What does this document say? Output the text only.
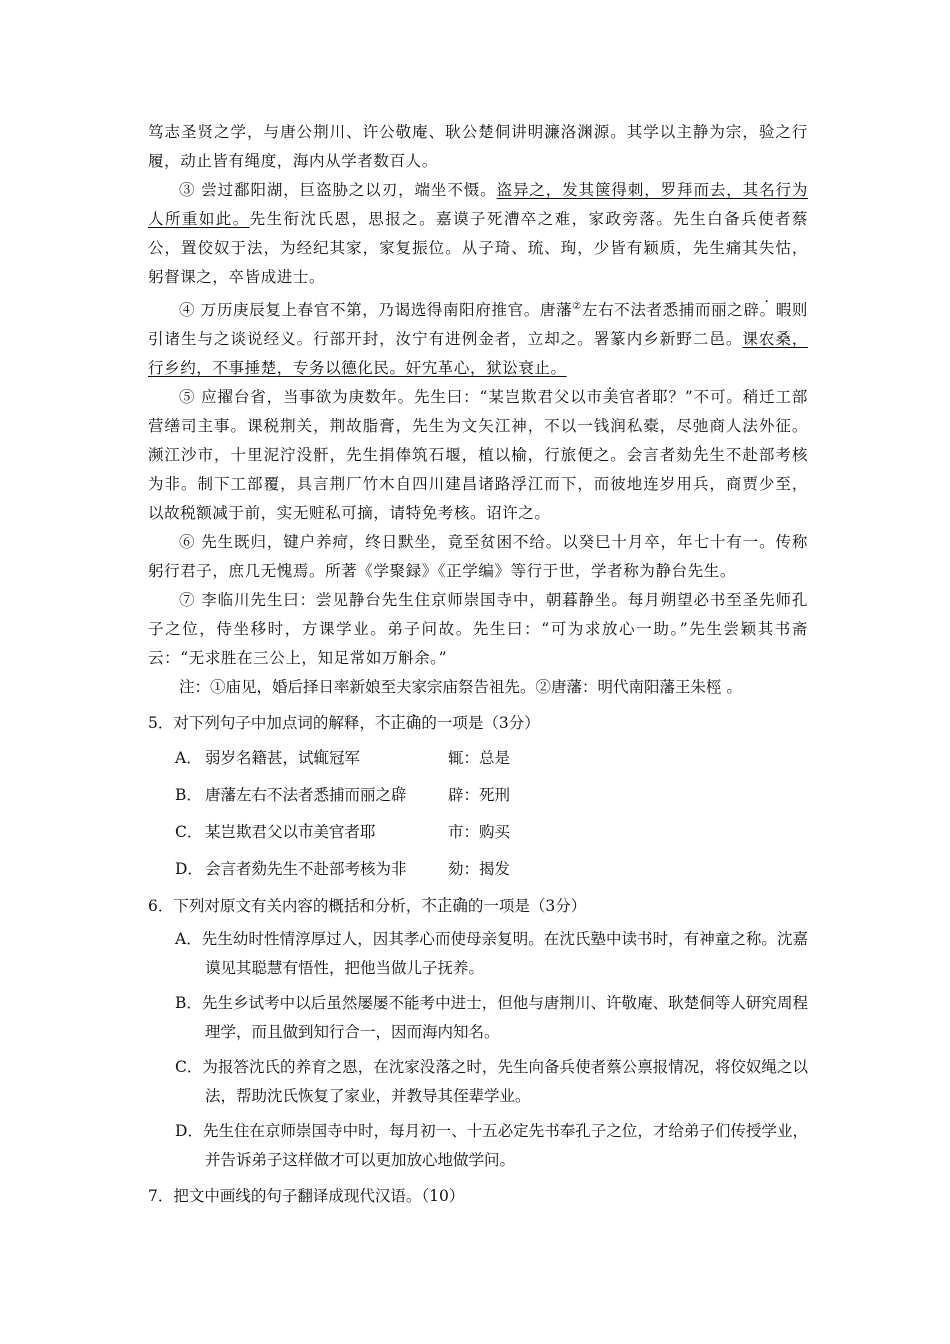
笃志圣贤之学，与唐公荆川、许公敬庵、耿公楚侗讲明濂洛渊源。其学以主静为宗，验之行履，动止皆有绳度，海内从学者数百人。

③ 尝过鄱阳湖，巨盗胁之以刃，端坐不慑。盗异之，发其箧得刺，罗拜而去，其名行为人所重如此。先生衔沈氏恩，思报之。嘉谟子死漕卒之难，家政旁落。先生白备兵使者蔡公，置佼奴于法，为经纪其家，家复振位。从子琦、琉、珣，少皆有颖质，先生痛其失怙，躬督课之，卒皆成进士。

④ 万历庚辰复上春官不第，乃谒选得南阳府推官。唐藩②左右不法者悉捕而丽之辟。暇则引诸生与之谈说经义。行部开封，汝宁有进例金者，立却之。署篆内乡新野二邑。课农桑，行乡约，不事捶楚，专务以德化民。奸宄革心，狱讼衰止。

⑤ 应擢台省，当事欲为庚数年。先生曰：“某岂欺君父以市美官者耶？”不可。稍迁工部营缮司主事。课税荆关，荆故脂膏，先生为文矢江神，不以一钱润私橐，尽弛商人法外征。濒江沙市，十里泥泞没骭，先生捐俸筑石堰，植以榆，行旅便之。会言者劾先生不赴部考核为非。制下工部覆，具言荆厂竹木自四川建昌诸路浮江而下，而彼地连岁用兵，商贾少至，以故税额减于前，实无赃私可摘，请特免考核。诏许之。

⑥ 先生既归，键户养疴，终日默坐，竟至贫困不给。以癸巳十月卒，年七十有一。传称躬行君子，庶几无愧焉。所著《学聚録》《正学编》等行于世，学者称为静台先生。

⑦ 李临川先生曰：尝见静台先生住京师崇国寺中，朝暮静坐。每月朔望必书至圣先师孔子之位，侍坐移时，方课学业。弟子问故。先生曰：“可为求放心一助。”先生尝颖其书斋云：“无求胜在三公上，知足常如万斛余。”

注：①庙见，婚后择日率新娘至夫家宗庙祭告祖先。②唐藩：明代南阳藩王朱桱 。

5．对下列句子中加点词的解释，不正确的一项是（3分）
A． 弱岁名籍甚，试辄冠军	辄：总是
B． 唐藩左右不法者悉捕而丽之辟	辟：死刑
C． 某岂欺君父以市美官者耶	市：购买
D． 会言者劾先生不赴部考核为非	劾：揭发
6．下列对原文有关内容的概括和分析，不正确的一项是（3分）
A．先生幼时性情淳厚过人，因其孝心而使母亲复明。在沈氏塾中读书时，有神童之称。沈嘉谟见其聪慧有悟性，把他当做儿子抚养。
B．先生乡试考中以后虽然屡屡不能考中进士，但他与唐荆川、许敬庵、耿楚侗等人研究周程理学，而且做到知行合一，因而海内知名。
C．为报答沈氏的养育之恩，在沈家没落之时，先生向备兵使者蔡公禀报情况，将佼奴绳之以法，帮助沈氏恢复了家业，并教导其侄辈学业。
D．先生住在京师崇国寺中时，每月初一、十五必定先书奉孔子之位，才给弟子们传授学业，并告诉弟子这样做才可以更加放心地做学问。
7．把文中画线的句子翻译成现代汉语。（10）
